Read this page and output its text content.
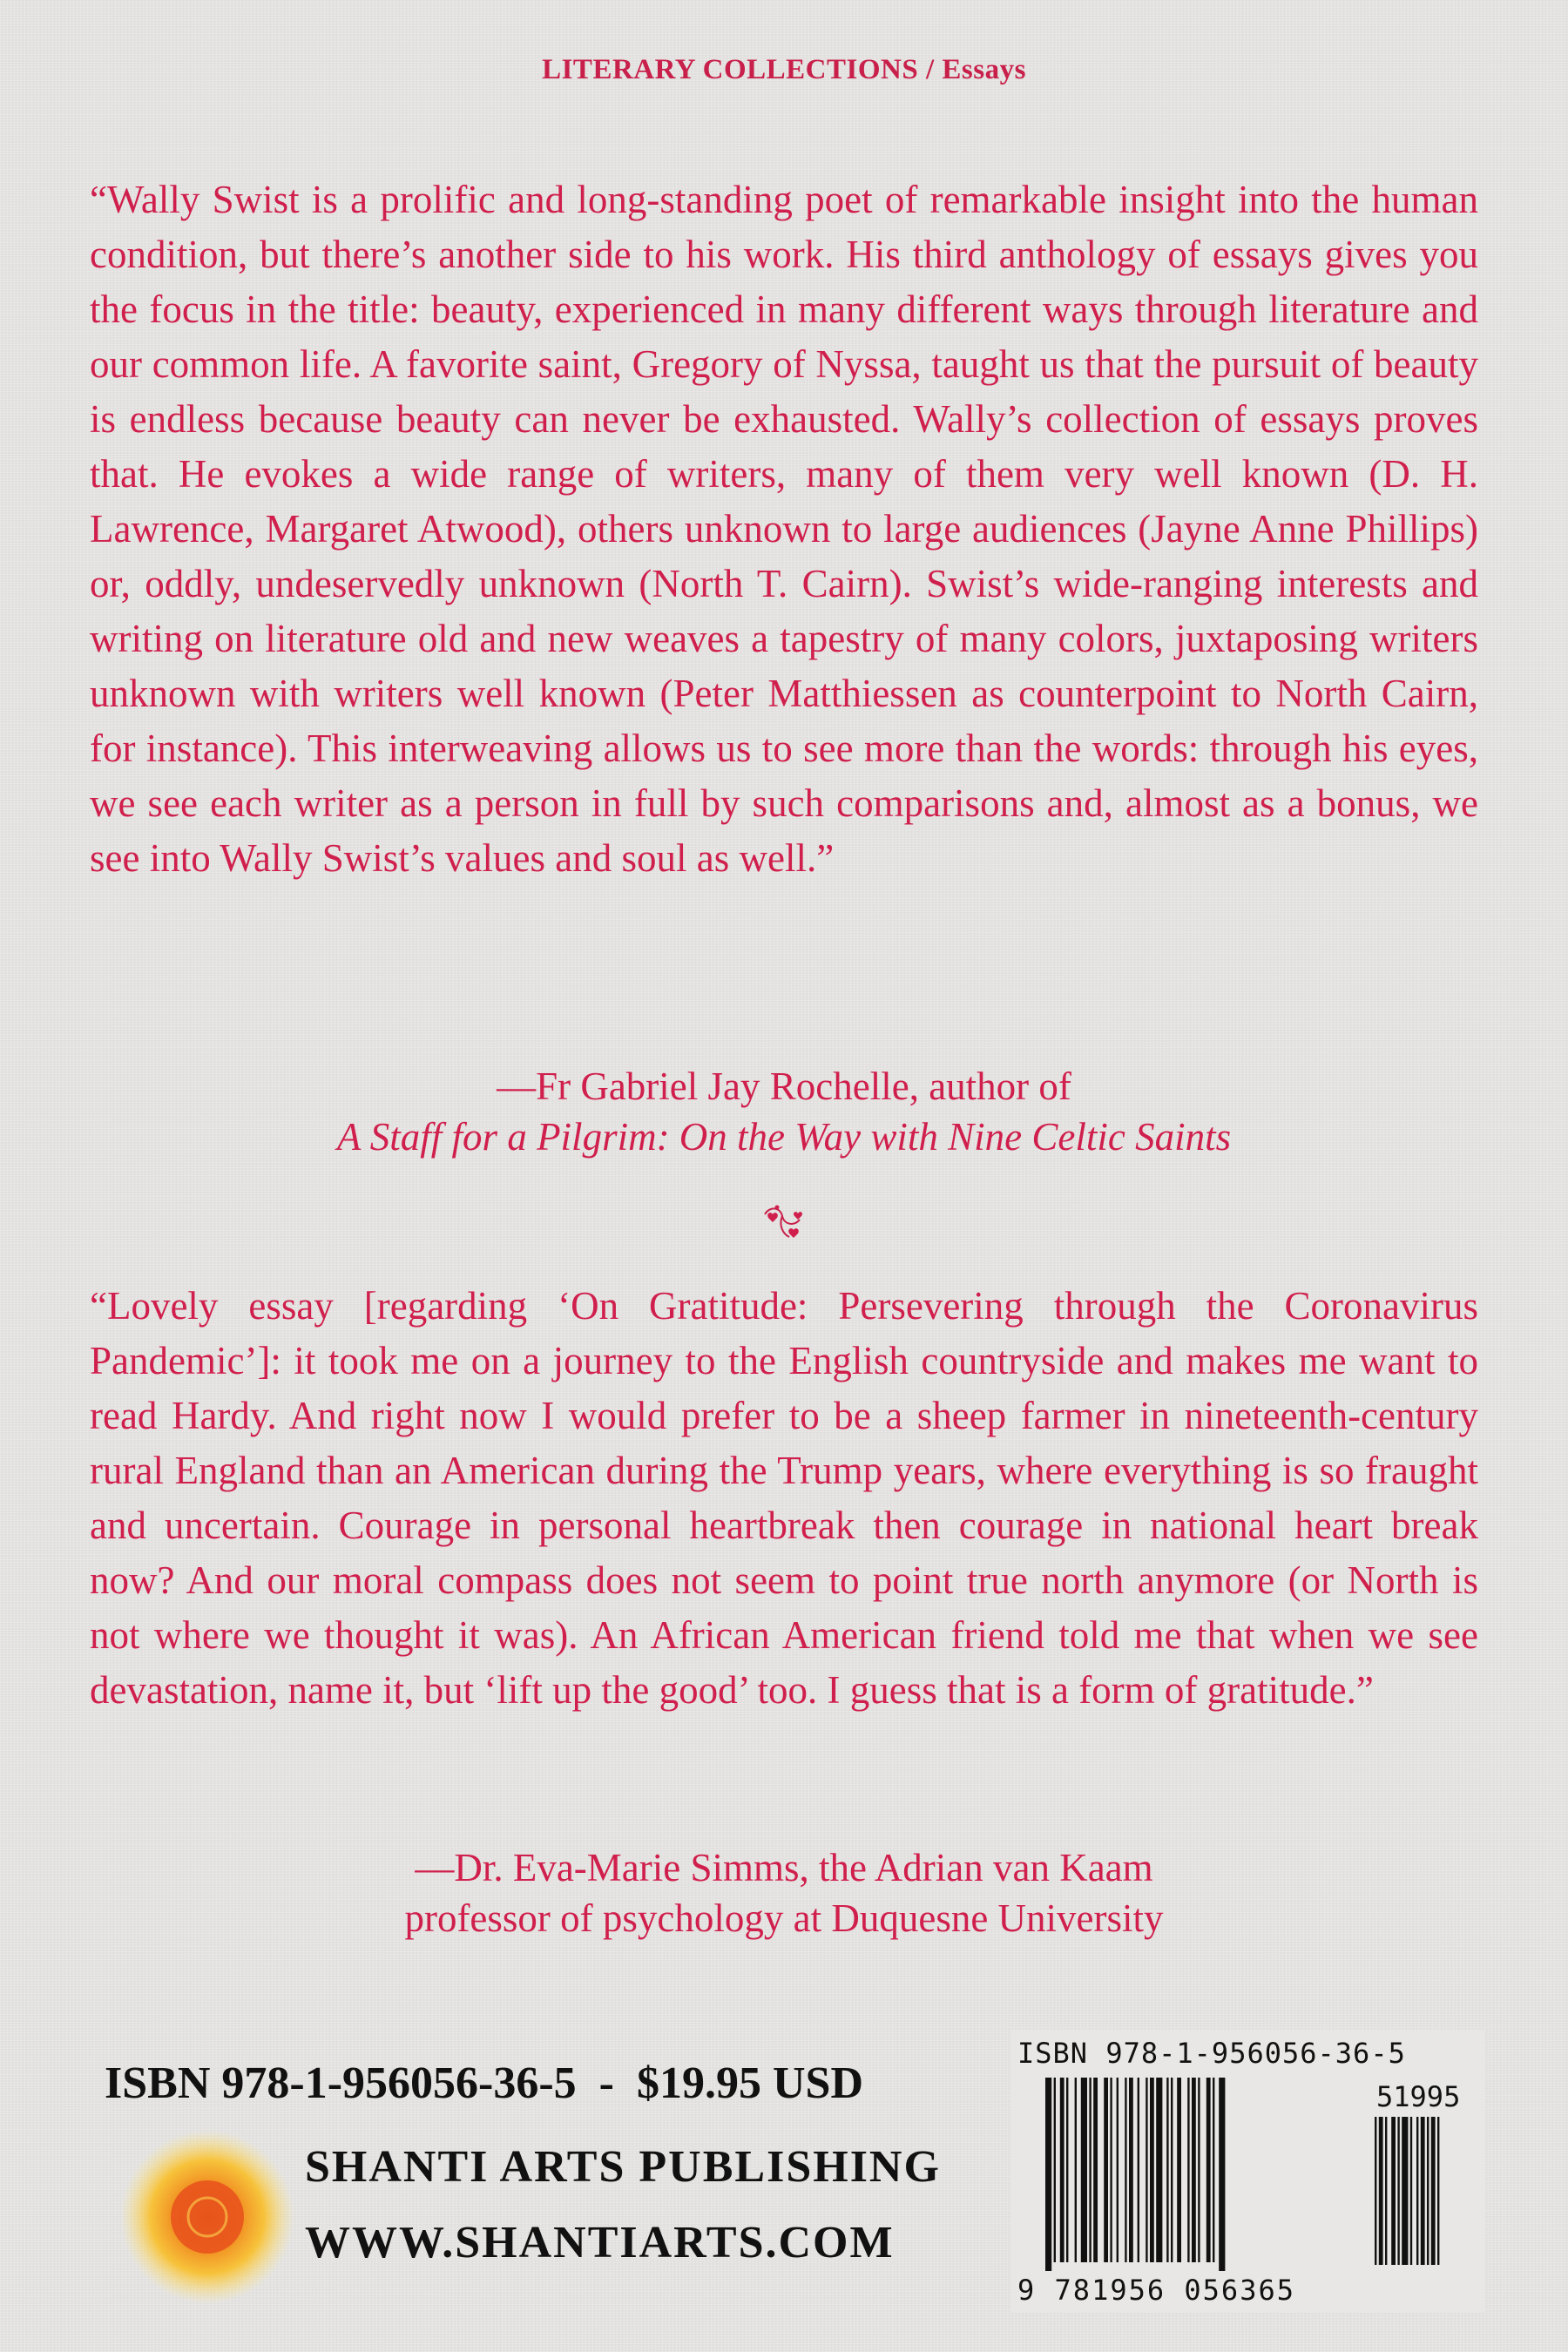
LITERARY COLLECTIONS / Essays

“Wally Swist is a prolific and long-standing poet of remarkable insight into the human condition, but there’s another side to his work. His third anthology of essays gives you the focus in the title: beauty, experienced in many different ways through literature and our common life. A favorite saint, Gregory of Nyssa, taught us that the pursuit of beauty is endless because beauty can never be exhausted. Wally’s collection of essays proves that. He evokes a wide range of writers, many of them very well known (D. H. Lawrence, Margaret Atwood), others unknown to large audiences (Jayne Anne Phillips) or, oddly, undeservedly unknown (North T. Cairn). Swist’s wide-ranging interests and writing on literature old and new weaves a tapestry of many colors, juxtaposing writers unknown with writers well known (Peter Matthiessen as counterpoint to North Cairn, for instance). This interweaving allows us to see more than the words: through his eyes, we see each writer as a person in full by such comparisons and, almost as a bonus, we see into Wally Swist’s values and soul as well.”

—Fr Gabriel Jay Rochelle, author of
A Staff for a Pilgrim: On the Way with Nine Celtic Saints

“Lovely essay [regarding ‘On Gratitude: Persevering through the Coronavirus Pandemic’]: it took me on a journey to the English countryside and makes me want to read Hardy. And right now I would prefer to be a sheep farmer in nineteenth-century rural England than an American during the Trump years, where everything is so fraught and uncertain. Courage in personal heartbreak then courage in national heart break now? And our moral compass does not seem to point true north anymore (or North is not where we thought it was). An African American friend told me that when we see devastation, name it, but ‘lift up the good’ too. I guess that is a form of gratitude.”

—Dr. Eva-Marie Simms, the Adrian van Kaam
professor of psychology at Duquesne University
ISBN 978-1-956056-36-5  -  $19.95 USD
SHANTI ARTS PUBLISHING
WWW.SHANTIARTS.COM
ISBN 978-1-956056-36-5
51995
9 781956 056365
